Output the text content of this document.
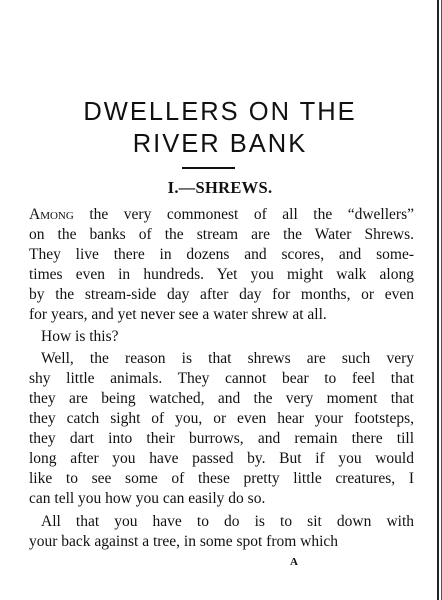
DWELLERS ON THE
RIVER BANK
I.—SHREWS.
Among the very commonest of all the “dwellers”
on the banks of the stream are the Water Shrews.
They live there in dozens and scores, and some-
times even in hundreds. Yet you might walk along
by the stream-side day after day for months, or even
for years, and yet never see a water shrew at all.
How is this?
Well, the reason is that shrews are such very
shy little animals. They cannot bear to feel that
they are being watched, and the very moment that
they catch sight of you, or even hear your footsteps,
they dart into their burrows, and remain there till
long after you have passed by. But if you would
like to see some of these pretty little creatures, I
can tell you how you can easily do so.
All that you have to do is to sit down with
your back against a tree, in some spot from which
A
